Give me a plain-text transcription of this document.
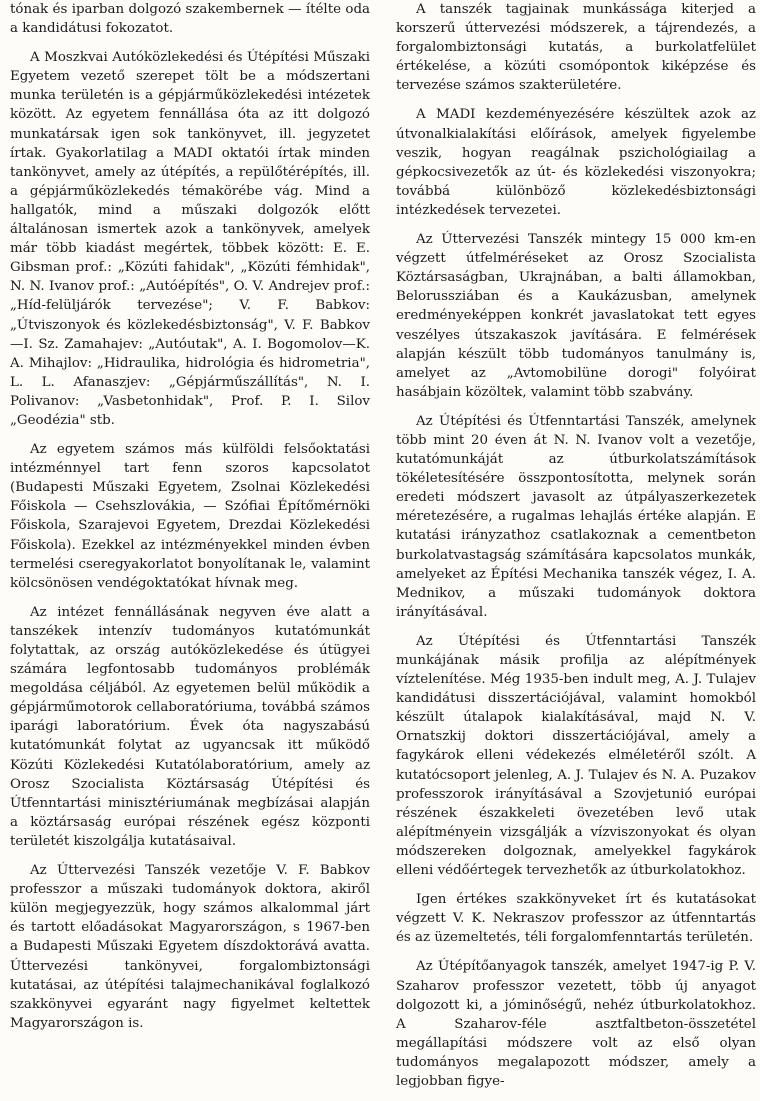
tónak és iparban dolgozó szakembernek — ítélte oda a kandidátusi fokozatot.

A Moszkvai Autóközlekedési és Útépítési Műszaki Egyetem vezető szerepet tölt be a módszertani munka területén is a gépjárműközlekedési intézetek között. Az egyetem fennállása óta az itt dolgozó munkatársak igen sok tankönyvet, ill. jegyzetet írtak. Gyakorlatilag a MADI oktatói írtak minden tankönyvet, amely az útépítés, a repülőtérépítés, ill. a gépjárműközlekedés témakörébe vág. Mind a hallgatók, mind a műszaki dolgozók előtt általánosan ismertek azok a tankönyvek, amelyek már több kiadást megértek, többek között: E. E. Gibsman prof.: „Közúti fahidak", „Közúti fémhidak", N. N. Ivanov prof.: „Autóépítés", O. V. Andrejev prof.: „Híd-felüljárók tervezése"; V. F. Babkov: „Útviszonyok és közlekedésbiztonság", V. F. Babkov—I. Sz. Zamahajev: „Autóutak", A. I. Bogomolov—K. A. Mihajlov: „Hidraulika, hidrológia és hidrometria", L. L. Afanaszjev: „Gépjárműszállítás", N. I. Polivanov: „Vasbetonhidak", Prof. P. I. Silov „Geodézia" stb.

Az egyetem számos más külföldi felsőoktatási intézménnyel tart fenn szoros kapcsolatot (Budapesti Műszaki Egyetem, Zsolnai Közlekedési Főiskola — Csehszlovákia, — Szófiai Építőmérnöki Főiskola, Szarajevoi Egyetem, Drezdai Közlekedési Főiskola). Ezekkel az intézményekkel minden évben termelési cseregyakorlatot bonyolítanak le, valamint kölcsönösen vendégoktatókat hívnak meg.

Az intézet fennállásának negyven éve alatt a tanszékek intenzív tudományos kutatómunkát folytattak, az ország autóközlekedése és útügyei számára legfontosabb tudományos problémák megoldása céljából. Az egyetemen belül működik a gépjárműmotorok cellaboratóriuma, továbbá számos iparági laboratórium. Évek óta nagyszabású kutatómunkát folytat az ugyancsak itt működő Közúti Közlekedési Kutatólaboratórium, amely az Orosz Szocialista Köztársaság Útépítési és Útfenntartási minisztériumának megbízásai alapján a köztársaság európai részének egész központi területét kiszolgálja kutatásaival.

Az Úttervezési Tanszék vezetője V. F. Babkov professzor a műszaki tudományok doktora, akiről külön megjegyezzük, hogy számos alkalommal járt és tartott előadásokat Magyarországon, s 1967-ben a Budapesti Műszaki Egyetem díszdoktorává avatta. Úttervezési tankönyvei, forgalombiztonsági kutatásai, az útépítési talajmechanikával foglalkozó szakkönyvei egyaránt nagy figyelmet keltettek Magyarországon is.

A tanszék tagjainak munkássága kiterjed a korszerű úttervezési módszerek, a tájrendezés, a forgalombiztonsági kutatás, a burkolatfelület értékelése, a közúti csomópontok kiképzése és tervezése számos szakterületére.

A MADI kezdeményezésére készültek azok az útvonalkialakítási előírások, amelyek figyelembe veszik, hogyan reagálnak pszichológiailag a gépkocsivezetők az út- és közlekedési viszonyokra; továbbá különböző közlekedésbiztonsági intézkedések tervezetei.

Az Úttervezési Tanszék mintegy 15 000 km-en végzett útfelméréseket az Orosz Szocialista Köztársaságban, Ukrajnában, a balti államokban, Belorussziában és a Kaukázusban, amelynek eredményeképpen konkrét javaslatokat tett egyes veszélyes útszakaszok javítására. E felmérések alapján készült több tudományos tanulmány is, amelyet az „Avtomobilüne dorogi" folyóirat hasábjain közöltek, valamint több szabvány.

Az Útépítési és Útfenntartási Tanszék, amelynek több mint 20 éven át N. N. Ivanov volt a vezetője, kutatómunkáját az útburkolatszámítások tökéletesítésére összpontosította, melynek során eredeti módszert javasolt az útpályaszerkezetek méretezésére, a rugalmas lehajlás értéke alapján. E kutatási irányzathoz csatlakoznak a cementbeton burkolatvastagság számítására kapcsolatos munkák, amelyeket az Építési Mechanika tanszék végez, I. A. Mednikov, a műszaki tudományok doktora irányításával.

Az Útépítési és Útfenntartási Tanszék munkájának másik profilja az alépítmények víztelenítése. Még 1935-ben indult meg, A. J. Tulajev kandidátusi disszertációjával, valamint homokból készült útalapok kialakításával, majd N. V. Ornatszkij doktori disszertációjával, amely a fagykárok elleni védekezés elméletéről szólt. A kutatócsoport jelenleg, A. J. Tulajev és N. A. Puzakov professzorok irányításával a Szovjetunió európai részének északkeleti övezetében levő utak alépítményein vizsgálják a vízviszonyokat és olyan módszereken dolgoznak, amelyekkel fagykárok elleni védőértegek tervezhetők az útburkolatokhoz.

Igen értékes szakkönyveket írt és kutatásokat végzett V. K. Nekraszov professzor az útfenntartás és az üzemeltetés, téli forgalomfenntartás területén.

Az Útépítőanyagok tanszék, amelyet 1947-ig P. V. Szaharov professzor vezetett, több új anyagot dolgozott ki, a jóminőségű, nehéz útburkolatokhoz. A Szaharov-féle asztfaltbeton-összetétel megállapítási módszere volt az első olyan tudományos megalapozott módszer, amely a legjobban figye-
